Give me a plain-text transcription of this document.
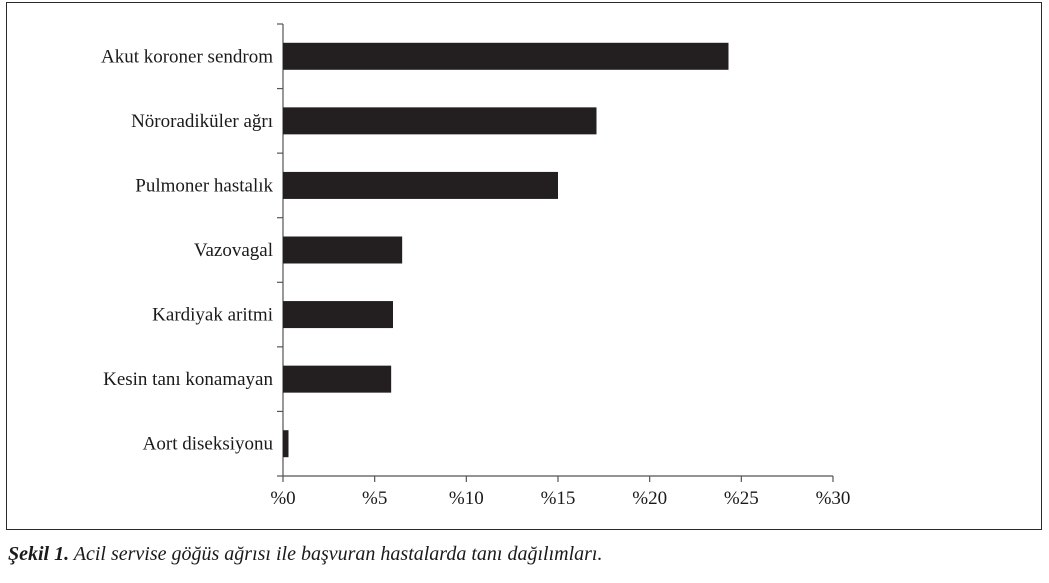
Akut koroner sendrom
Nöroradiküler ağrı
Pulmoner hastalık
Vazovagal
Kardiyak aritmi
Kesin tanı konamayan
Aort diseksiyonu
%0	%5	%10	%15	%20	%25	%30
Şekil 1. Acil servise göğüs ağrısı ile başvuran hastalarda tanı dağılımları.
